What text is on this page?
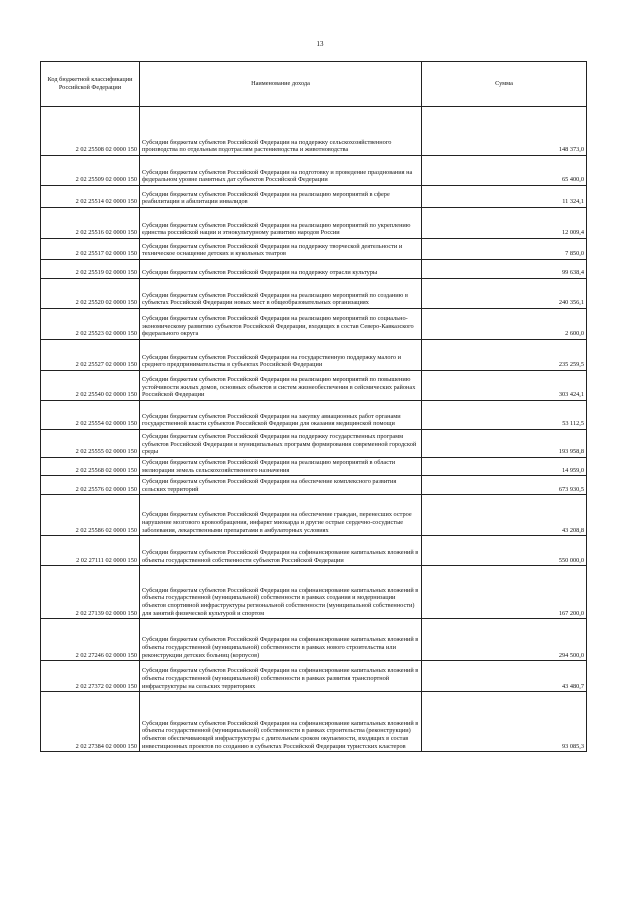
13
Код бюджетной классификации Российской Федерации	Наименование дохода	Сумма
2 02 25508 02 0000 150	Субсидии бюджетам субъектов Российской Федерации на поддержку сельскохозяйственного производства по отдельным подотраслям растениеводства и животноводства	148 373,0
2 02 25509 02 0000 150	Субсидии бюджетам субъектов Российской Федерации на подготовку и проведение празднования на федеральном уровне памятных дат субъектов Российской Федерации	65 400,0
2 02 25514 02 0000 150	Субсидии бюджетам субъектов Российской Федерации на реализацию мероприятий в сфере реабилитации и абилитации инвалидов	11 324,1
2 02 25516 02 0000 150	Субсидии бюджетам субъектов Российской Федерации на реализацию мероприятий по укреплению единства российской нации и этнокультурному развитию народов России	12 009,4
2 02 25517 02 0000 150	Субсидии бюджетам субъектов Российской Федерации на поддержку творческой деятельности и техническое оснащение детских и кукольных театров	7 850,0
2 02 25519 02 0000 150	Субсидии бюджетам субъектов Российской Федерации на поддержку отрасли культуры	99 638,4
2 02 25520 02 0000 150	Субсидии бюджетам субъектов Российской Федерации на реализацию мероприятий по созданию в субъектах Российской Федерации новых мест в общеобразовательных организациях	240 356,1
2 02 25523 02 0000 150	Субсидии бюджетам субъектов Российской Федерации на реализацию мероприятий по социально-экономическому развитию субъектов Российской Федерации, входящих в состав Северо-Кавказского федерального округа	2 600,0
2 02 25527 02 0000 150	Субсидии бюджетам субъектов Российской Федерации на государственную поддержку малого и среднего предпринимательства в субъектах Российской Федерации	235 259,5
2 02 25540 02 0000 150	Субсидии бюджетам субъектов Российской Федерации на реализацию мероприятий по повышению устойчивости жилых домов, основных объектов и систем жизнеобеспечения в сейсмических районах Российской Федерации	303 424,1
2 02 25554 02 0000 150	Субсидии бюджетам субъектов Российской Федерации на закупку авиационных работ органами государственной власти субъектов Российской Федерации для оказания медицинской помощи	53 112,5
2 02 25555 02 0000 150	Субсидии бюджетам субъектов Российской Федерации на поддержку государственных программ субъектов Российской Федерации и муниципальных программ формирования современной городской среды	193 958,8
2 02 25568 02 0000 150	Субсидии бюджетам субъектов Российской Федерации на реализацию мероприятий в области мелиорации земель сельскохозяйственного назначения	14 959,0
2 02 25576 02 0000 150	Субсидии бюджетам субъектов Российской Федерации на обеспечение комплексного развития сельских территорий	673 930,5
2 02 25586 02 0000 150	Субсидии бюджетам субъектов Российской Федерации на обеспечение граждан, перенесших острое нарушение мозгового кровообращения, инфаркт миокарда и другие острые сердечно-сосудистые заболевания, лекарственными препаратами в амбулаторных условиях	43 208,8
2 02 27111 02 0000 150	Субсидии бюджетам субъектов Российской Федерации на софинансирование капитальных вложений в объекты государственной собственности субъектов Российской Федерации	550 000,0
2 02 27139 02 0000 150	Субсидии бюджетам субъектов Российской Федерации на софинансирование капитальных вложений в объекты государственной (муниципальной) собственности в рамках создания и модернизации объектов спортивной инфраструктуры региональной собственности (муниципальной собственности) для занятий физической культурой и спортом	167 200,0
2 02 27246 02 0000 150	Субсидии бюджетам субъектов Российской Федерации на софинансирование капитальных вложений в объекты государственной (муниципальной) собственности в рамках нового строительства или реконструкции детских больниц (корпусов)	294 500,0
2 02 27372 02 0000 150	Субсидии бюджетам субъектов Российской Федерации на софинансирование капитальных вложений в объекты государственной (муниципальной) собственности в рамках развития транспортной инфраструктуры на сельских территориях	43 480,7
2 02 27384 02 0000 150	Субсидии бюджетам субъектов Российской Федерации на софинансирование капитальных вложений в объекты государственной (муниципальной) собственности в рамках строительства (реконструкции) объектов обеспечивающей инфраструктуры с длительным сроком окупаемости, входящих в состав инвестиционных проектов по созданию в субъектах Российской Федерации туристских кластеров	93 085,3
